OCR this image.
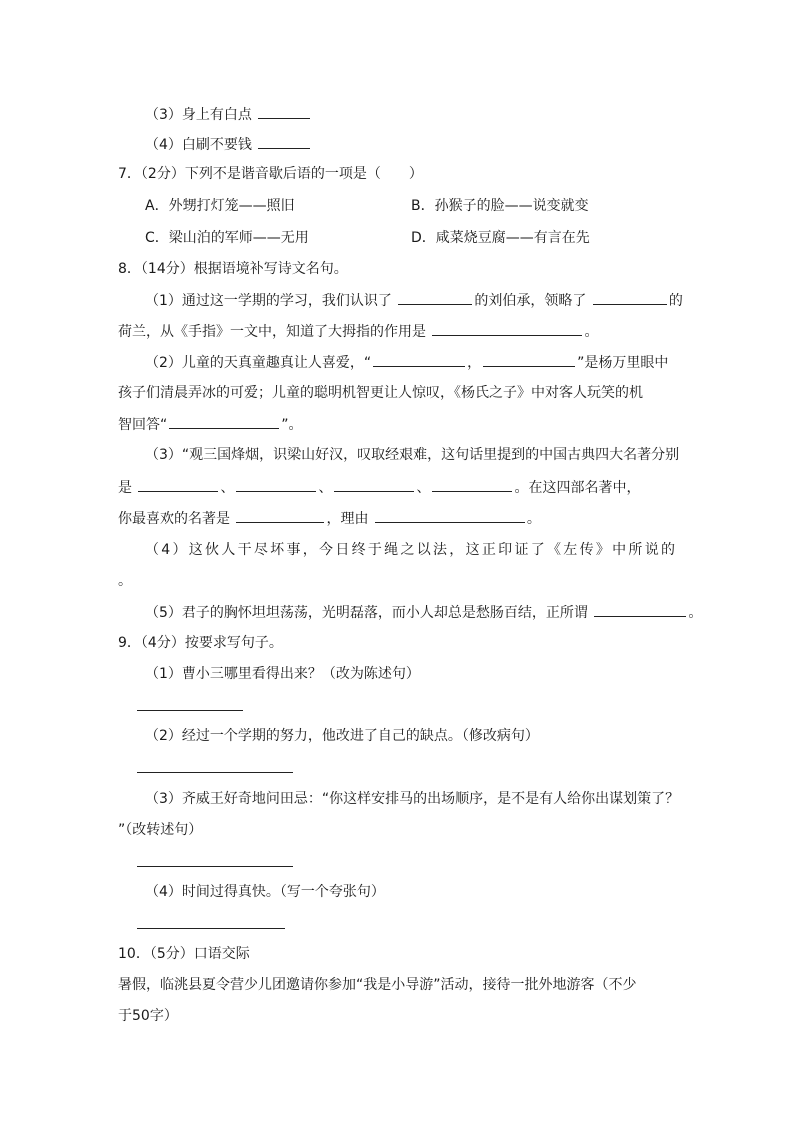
（3）身上有白点
（4）白刷不要钱
7．（2分）下列不是谐音歇后语的一项是（　　）
A．外甥打灯笼——照旧	B．孙猴子的脸——说变就变
C．梁山泊的军师——无用	D．咸菜烧豆腐——有言在先
8．（14分）根据语境补写诗文名句。
（1）通过这一学期的学习，我们认识了	的刘伯承，领略了	的
荷兰，从《手指》一文中，知道了大拇指的作用是	。
（2）儿童的天真童趣真让人喜爱，“	，	”是杨万里眼中
孩子们清晨弄冰的可爱；儿童的聪明机智更让人惊叹，《杨氏之子》中对客人玩笑的机
智回答“	”。
（3）“观三国烽烟，识梁山好汉，叹取经艰难，这句话里提到的中国古典四大名著分别
是	、	、	、	。在这四部名著中，
你最喜欢的名著是	，理由	。
（4）这伙人干尽坏事，今日终于绳之以法，这正印证了《左传》中所说的
。
（5）君子的胸怀坦坦荡荡，光明磊落，而小人却总是愁肠百结，正所谓	。
9．（4分）按要求写句子。
（1）曹小三哪里看得出来？（改为陈述句）
（2）经过一个学期的努力，他改进了自己的缺点。（修改病句）
（3）齐威王好奇地问田忌：“你这样安排马的出场顺序，是不是有人给你出谋划策了？
”（改转述句）
（4）时间过得真快。（写一个夸张句）
10．（5分）口语交际
暑假，临洮县夏令营少儿团邀请你参加“我是小导游”活动，接待一批外地游客（不少
于50字）
